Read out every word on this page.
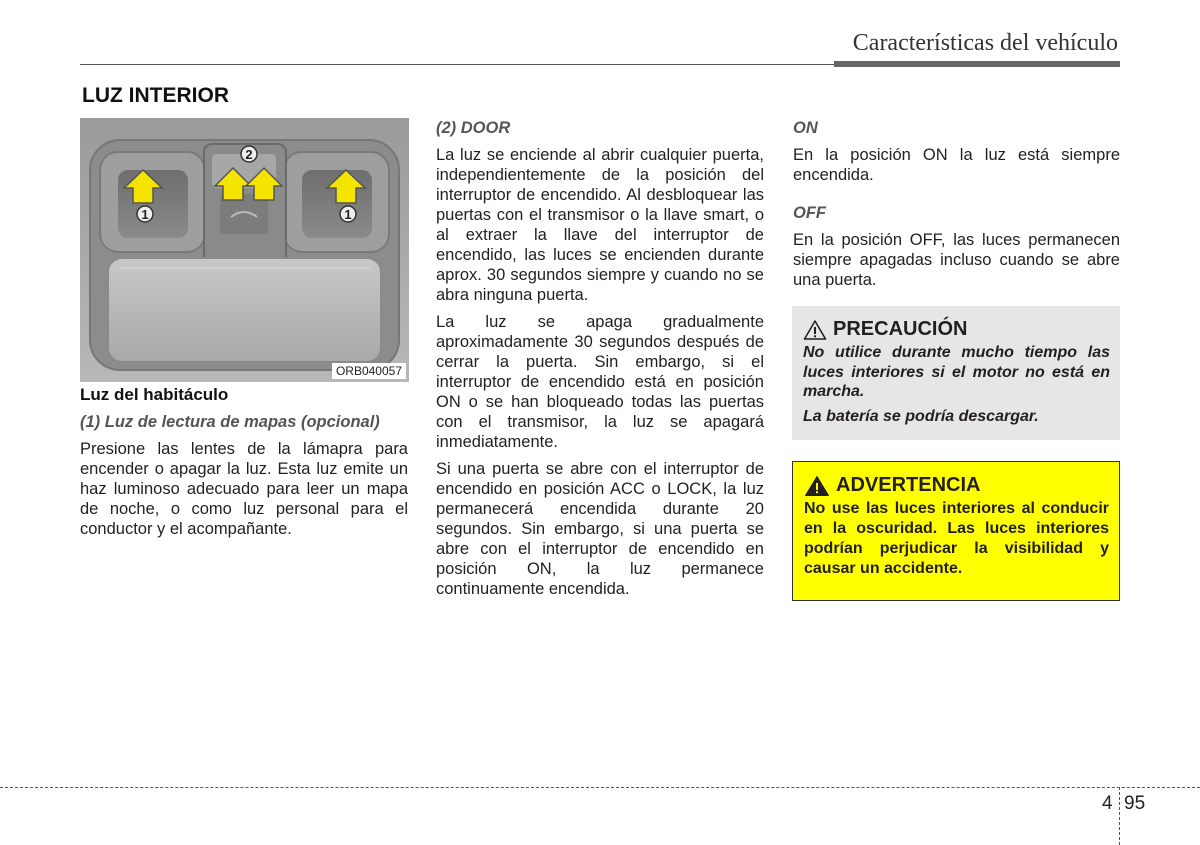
Características del vehículo
LUZ INTERIOR
1	1
2
ORB040057
Luz del habitáculo

(1) Luz de lectura de mapas (opcional)

Presione las lentes de la lámapra para encender o apagar la luz. Esta luz emite un haz luminoso adecuado para leer un mapa de noche, o como luz personal para el conductor y el acompañante.

(2) DOOR

La luz se enciende al abrir cualquier puerta, independientemente de la posición del interruptor de encendido. Al desbloquear las puertas con el transmisor o la llave smart, o al extraer la llave del interruptor de encendido, las luces se encienden durante aprox. 30 segundos siempre y cuando no se abra ninguna puerta.

La luz se apaga gradualmente aproximadamente 30 segundos después de cerrar la puerta. Sin embargo, si el interruptor de encendido está en posición ON o se han bloqueado todas las puertas con el transmisor, la luz se apagará inmediatamente.

Si una puerta se abre con el interruptor de encendido en posición ACC o LOCK, la luz permanecerá encendida durante 20 segundos. Sin embargo, si una puerta se abre con el interruptor de encendido en posición ON, la luz permanece continuamente encendida.

ON

En la posición ON la luz está siempre encendida.

OFF

En la posición OFF, las luces permanecen siempre apagadas incluso cuando se abre una puerta.

PRECAUCIÓN

No utilice durante mucho tiempo las luces interiores si el motor no está en marcha.

La batería se podría descargar.

ADVERTENCIA

No use las luces interiores al conducir en la oscuridad. Las luces interiores podrían perjudicar la visibilidad y causar un accidente.

4 95
